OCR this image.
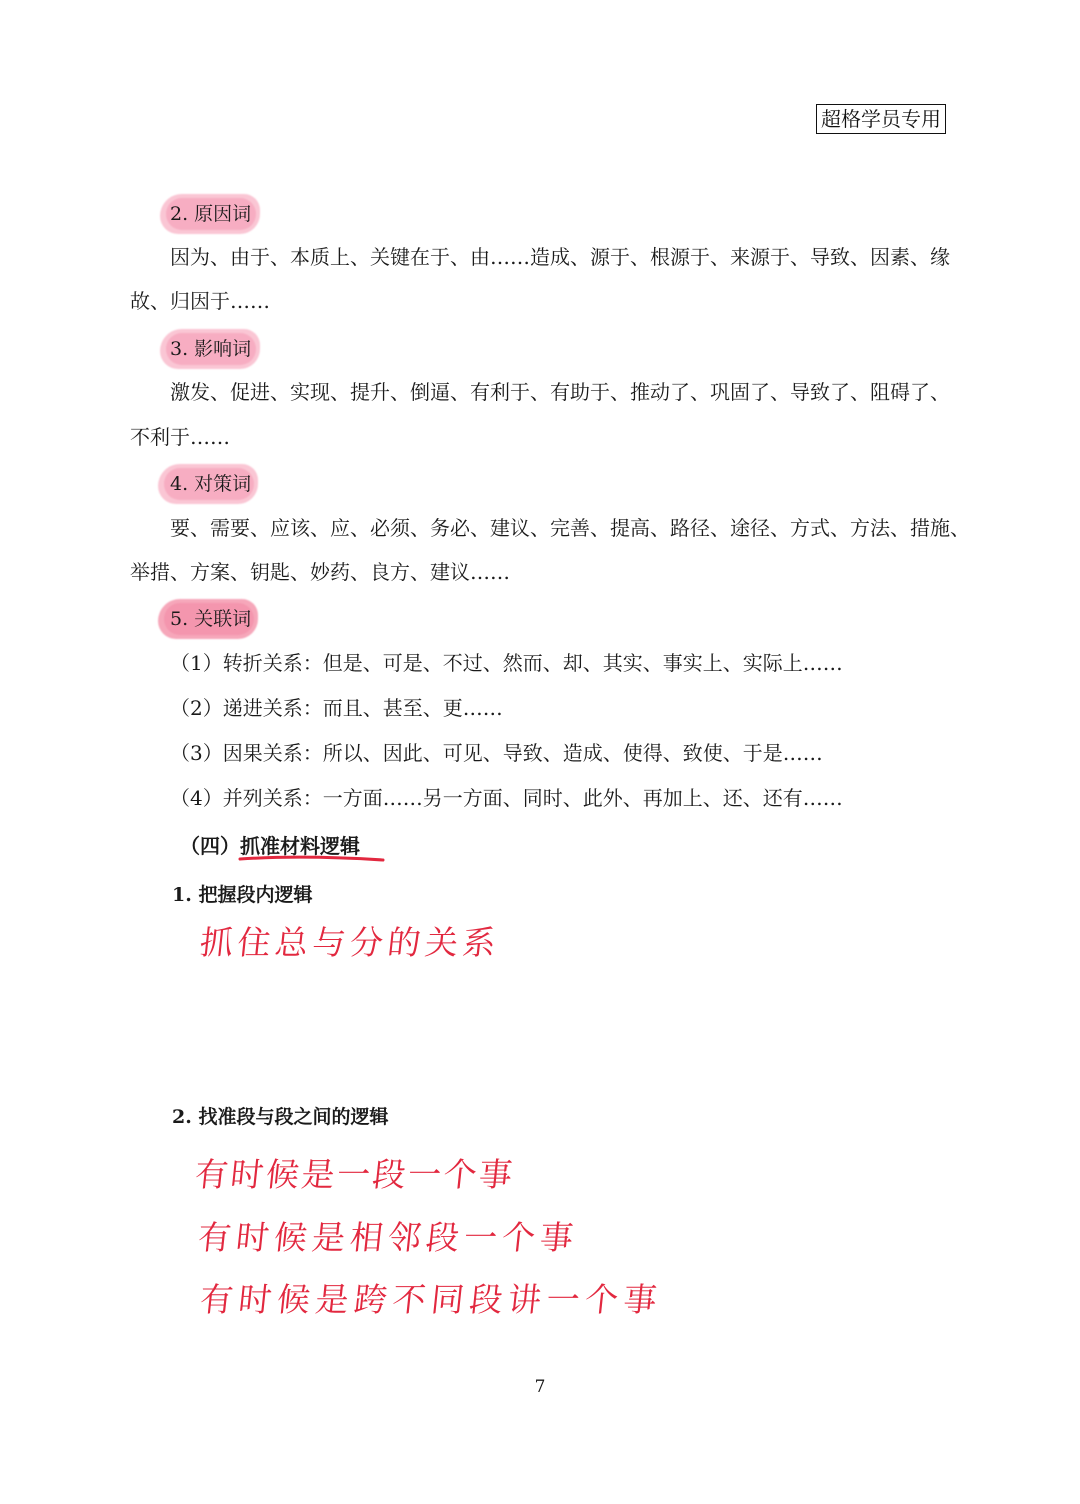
超格学员专用
2. 原因词
因为、由于、本质上、关键在于、由……造成、源于、根源于、来源于、导致、因素、缘
故、归因于……
3. 影响词
激发、促进、实现、提升、倒逼、有利于、有助于、推动了、巩固了、导致了、阻碍了、
不利于……
4. 对策词
要、需要、应该、应、必须、务必、建议、完善、提高、路径、途径、方式、方法、措施、
举措、方案、钥匙、妙药、良方、建议……
5. 关联词
（1）转折关系：但是、可是、不过、然而、却、其实、事实上、实际上……
（2）递进关系：而且、甚至、更……
（3）因果关系：所以、因此、可见、导致、造成、使得、致使、于是……
（4）并列关系：一方面……另一方面、同时、此外、再加上、还、还有……
（四）抓准材料逻辑
1. 把握段内逻辑
抓住总与分的关系
2. 找准段与段之间的逻辑
有时候是一段一个事
有时候是相邻段一个事
有时候是跨不同段讲一个事
7
